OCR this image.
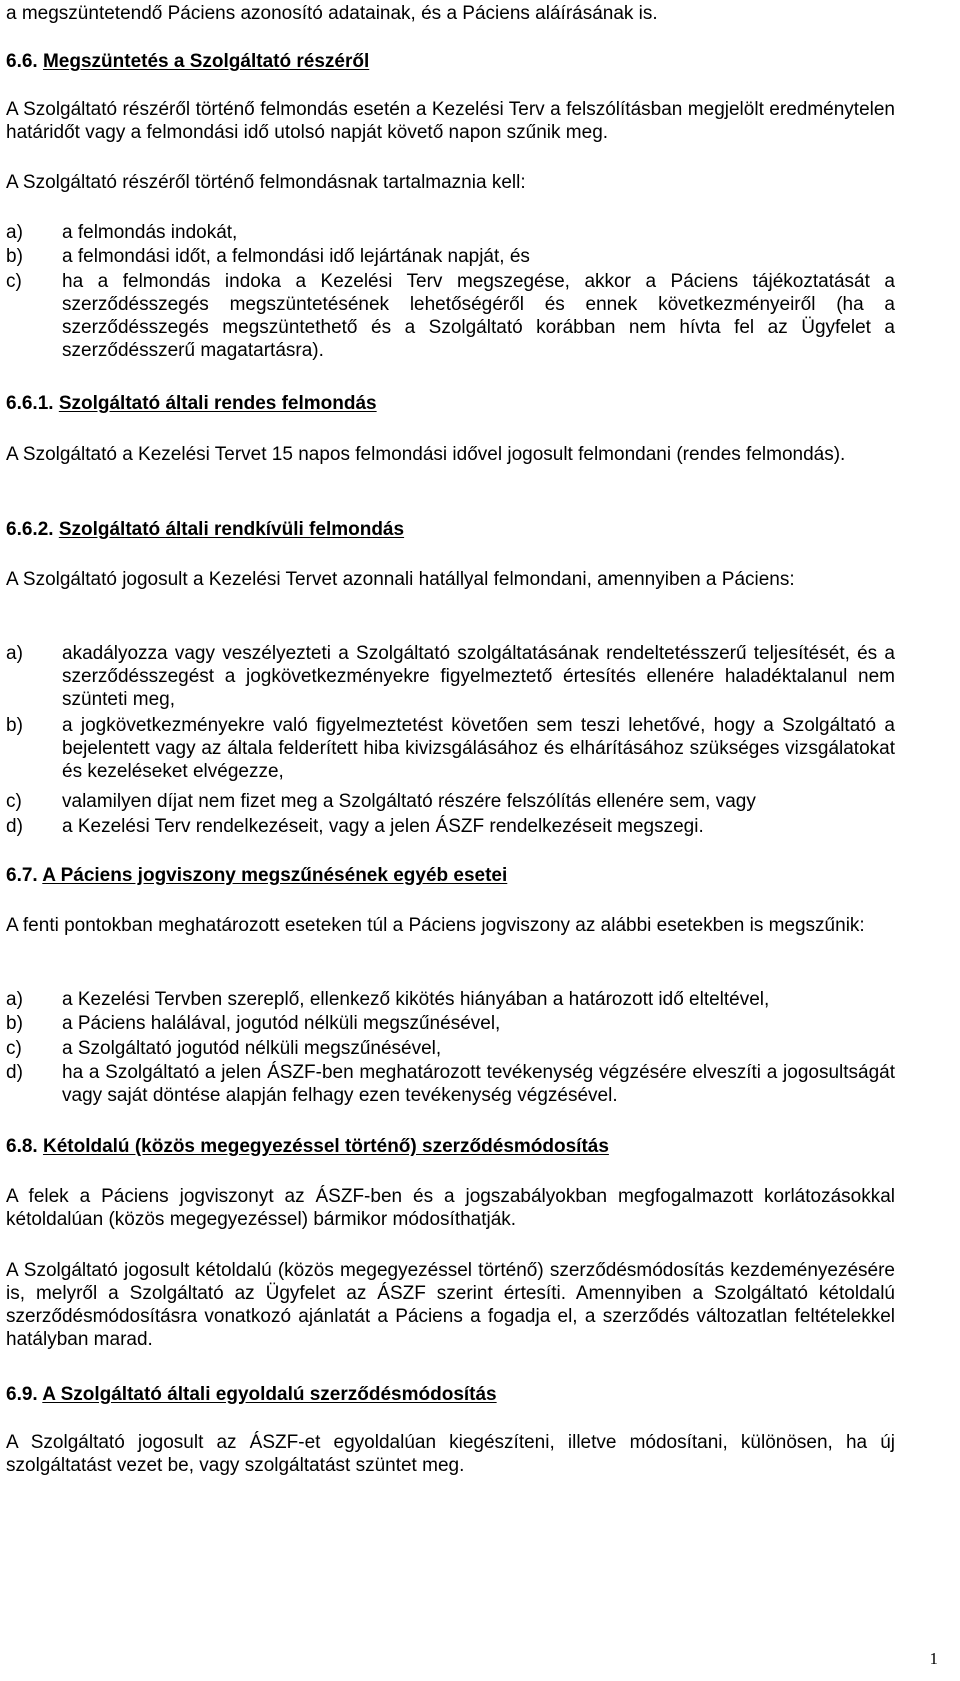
a megszüntetendő Páciens azonosító adatainak, és a Páciens aláírásának is.

6.6. Megszüntetés a Szolgáltató részéről

A Szolgáltató részéről történő felmondás esetén a Kezelési Terv a felszólításban megjelölt eredménytelen határidőt vagy a felmondási idő utolsó napját követő napon szűnik meg.

A Szolgáltató részéről történő felmondásnak tartalmaznia kell:

a)	a felmondás indokát,
b)	a felmondási időt, a felmondási idő lejártának napját, és
c)	ha a felmondás indoka a Kezelési Terv megszegése, akkor a Páciens tájékoztatását a szerződésszegés megszüntetésének lehetőségéről és ennek következményeiről (ha a szerződésszegés megszüntethető és a Szolgáltató korábban nem hívta fel az Ügyfelet a szerződésszerű magatartásra).

6.6.1. Szolgáltató általi rendes felmondás

A Szolgáltató a Kezelési Tervet 15 napos felmondási idővel jogosult felmondani (rendes felmondás).

6.6.2. Szolgáltató általi rendkívüli felmondás

A Szolgáltató jogosult a Kezelési Tervet azonnali hatállyal felmondani, amennyiben a Páciens:

a)	akadályozza vagy veszélyezteti a Szolgáltató szolgáltatásának rendeltetésszerű teljesítését, és a szerződésszegést a jogkövetkezményekre figyelmeztető értesítés ellenére haladéktalanul nem szünteti meg,
b)	a jogkövetkezményekre való figyelmeztetést követően sem teszi lehetővé, hogy a Szolgáltató a bejelentett vagy az általa felderített hiba kivizsgálásához és elhárításához szükséges vizsgálatokat és kezeléseket elvégezze,
c)	valamilyen díjat nem fizet meg a Szolgáltató részére felszólítás ellenére sem, vagy
d)	a Kezelési Terv rendelkezéseit, vagy a jelen ÁSZF rendelkezéseit megszegi.

6.7. A Páciens jogviszony megszűnésének egyéb esetei

A fenti pontokban meghatározott eseteken túl a Páciens jogviszony az alábbi esetekben is megszűnik:

a)	a Kezelési Tervben szereplő, ellenkező kikötés hiányában a határozott idő elteltével,
b)	a Páciens halálával, jogutód nélküli megszűnésével,
c)	a Szolgáltató jogutód nélküli megszűnésével,
d)	ha a Szolgáltató a jelen ÁSZF-ben meghatározott tevékenység végzésére elveszíti a jogosultságát vagy saját döntése alapján felhagy ezen tevékenység végzésével.

6.8. Kétoldalú (közös megegyezéssel történő) szerződésmódosítás

A felek a Páciens jogviszonyt az ÁSZF-ben és a jogszabályokban megfogalmazott korlátozásokkal kétoldalúan (közös megegyezéssel) bármikor módosíthatják.

A Szolgáltató jogosult kétoldalú (közös megegyezéssel történő) szerződésmódosítás kezdeményezésére is, melyről a Szolgáltató az Ügyfelet az ÁSZF szerint értesíti. Amennyiben a Szolgáltató kétoldalú szerződésmódosításra vonatkozó ajánlatát a Páciens a fogadja el, a szerződés változatlan feltételekkel hatályban marad.

6.9. A Szolgáltató általi egyoldalú szerződésmódosítás

A Szolgáltató jogosult az ÁSZF-et egyoldalúan kiegészíteni, illetve módosítani, különösen, ha új szolgáltatást vezet be, vagy szolgáltatást szüntet meg.

1
